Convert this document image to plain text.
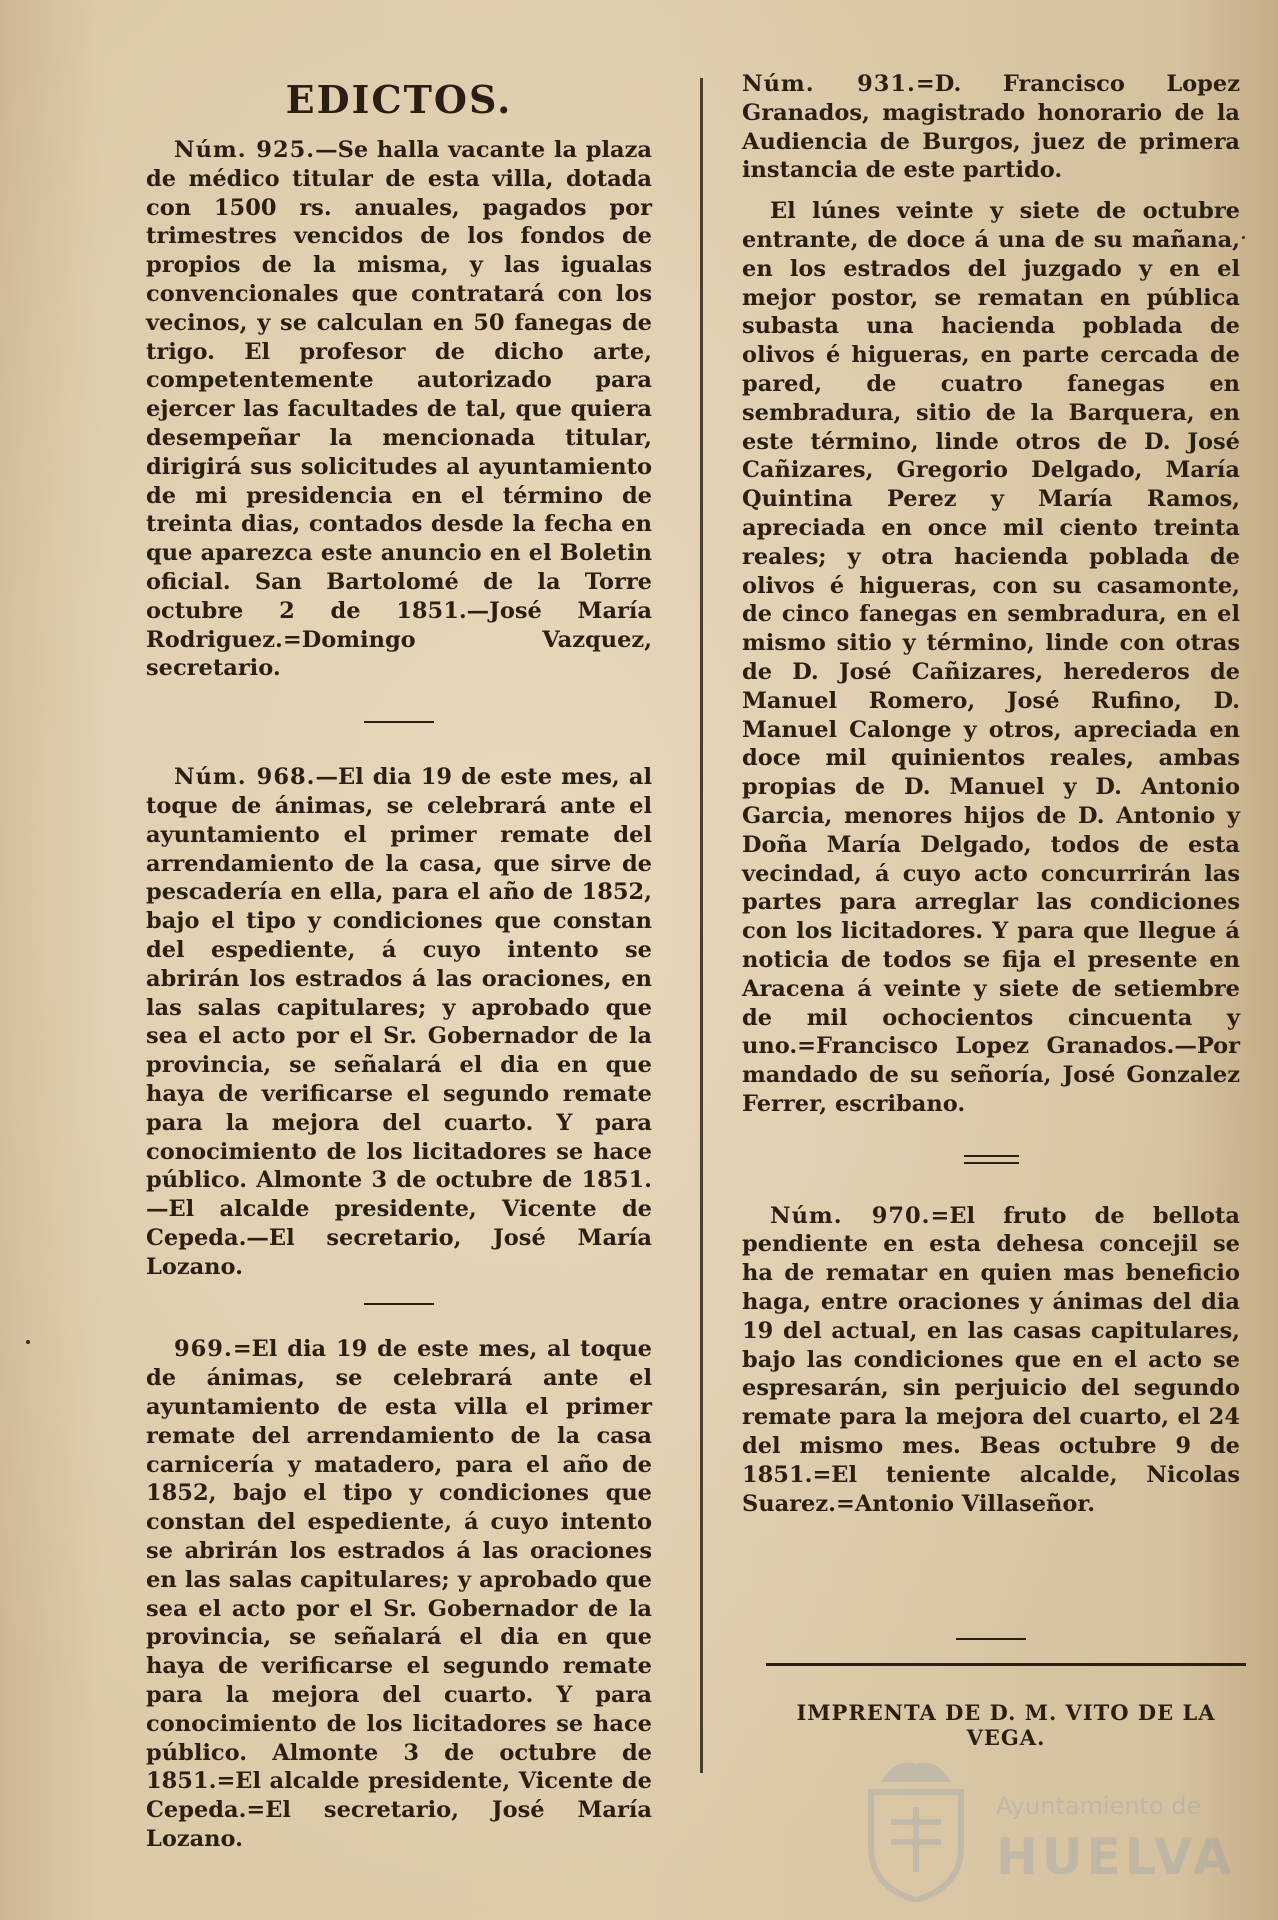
EDICTOS.

Núm. 925.—Se halla vacante la plaza de médico titular de esta villa, dotada con 1500 rs. anuales, pagados por trimestres vencidos de los fondos de propios de la misma, y las igualas convencionales que contratará con los vecinos, y se calculan en 50 fanegas de trigo. El profesor de dicho arte, competentemente autorizado para ejercer las facultades de tal, que quiera desempeñar la mencionada titular, dirigirá sus solicitudes al ayuntamiento de mi presidencia en el término de treinta dias, contados desde la fecha en que aparezca este anuncio en el Boletin oficial. San Bartolomé de la Torre octubre 2 de 1851.—José María Rodriguez.=Domingo Vazquez, secretario.

Núm. 968.—El dia 19 de este mes, al toque de ánimas, se celebrará ante el ayuntamiento el primer remate del arrendamiento de la casa, que sirve de pescadería en ella, para el año de 1852, bajo el tipo y condiciones que constan del espediente, á cuyo intento se abrirán los estrados á las oraciones, en las salas capitulares; y aprobado que sea el acto por el Sr. Gobernador de la provincia, se señalará el dia en que haya de verificarse el segundo remate para la mejora del cuarto. Y para conocimiento de los licitadores se hace público. Almonte 3 de octubre de 1851.—El alcalde presidente, Vicente de Cepeda.—El secretario, José María Lozano.

969.=El dia 19 de este mes, al toque de ánimas, se celebrará ante el ayuntamiento de esta villa el primer remate del arrendamiento de la casa carnicería y matadero, para el año de 1852, bajo el tipo y condiciones que constan del espediente, á cuyo intento se abrirán los estrados á las oraciones en las salas capitulares; y aprobado que sea el acto por el Sr. Gobernador de la provincia, se señalará el dia en que haya de verificarse el segundo remate para la mejora del cuarto. Y para conocimiento de los licitadores se hace público. Almonte 3 de octubre de 1851.=El alcalde presidente, Vicente de Cepeda.=El secretario, José María Lozano.

Núm. 931.=D. Francisco Lopez Granados, magistrado honorario de la Audiencia de Burgos, juez de primera instancia de este partido.

El lúnes veinte y siete de octubre entrante, de doce á una de su mañana, en los estrados del juzgado y en el mejor postor, se rematan en pública subasta una hacienda poblada de olivos é higueras, en parte cercada de pared, de cuatro fanegas en sembradura, sitio de la Barquera, en este término, linde otros de D. José Cañizares, Gregorio Delgado, María Quintina Perez y María Ramos, apreciada en once mil ciento treinta reales; y otra hacienda poblada de olivos é higueras, con su casamonte, de cinco fanegas en sembradura, en el mismo sitio y término, linde con otras de D. José Cañizares, herederos de Manuel Romero, José Rufino, D. Manuel Calonge y otros, apreciada en doce mil quinientos reales, ambas propias de D. Manuel y D. Antonio Garcia, menores hijos de D. Antonio y Doña María Delgado, todos de esta vecindad, á cuyo acto concurrirán las partes para arreglar las condiciones con los licitadores. Y para que llegue á noticia de todos se fija el presente en Aracena á veinte y siete de setiembre de mil ochocientos cincuenta y uno.=Francisco Lopez Granados.—Por mandado de su señoría, José Gonzalez Ferrer, escribano.

Núm. 970.=El fruto de bellota pendiente en esta dehesa concejil se ha de rematar en quien mas beneficio haga, entre oraciones y ánimas del dia 19 del actual, en las casas capitulares, bajo las condiciones que en el acto se espresarán, sin perjuicio del segundo remate para la mejora del cuarto, el 24 del mismo mes. Beas octubre 9 de 1851.=El teniente alcalde, Nicolas Suarez.=Antonio Villaseñor.

IMPRENTA DE D. M. VITO DE LA VEGA.
Ayuntamiento de
HUELVA
